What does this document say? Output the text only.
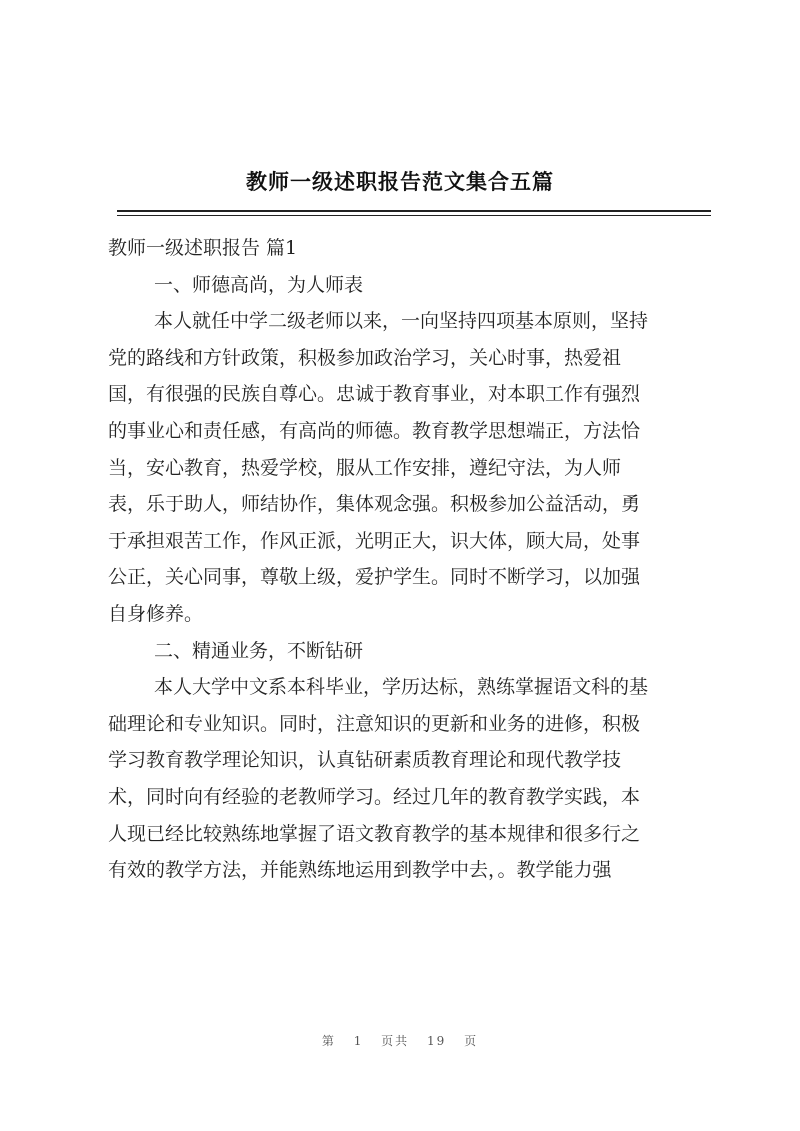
教师一级述职报告范文集合五篇
教师一级述职报告 篇1
一、师德高尚，为人师表
本人就任中学二级老师以来，一向坚持四项基本原则，坚持
党的路线和方针政策，积极参加政治学习，关心时事，热爱祖
国，有很强的民族自尊心。忠诚于教育事业，对本职工作有强烈
的事业心和责任感，有高尚的师德。教育教学思想端正，方法恰
当，安心教育，热爱学校，服从工作安排，遵纪守法，为人师
表，乐于助人，师结协作，集体观念强。积极参加公益活动，勇
于承担艰苦工作，作风正派，光明正大，识大体，顾大局，处事
公正，关心同事，尊敬上级，爱护学生。同时不断学习，以加强
自身修养。
二、精通业务，不断钻研
本人大学中文系本科毕业，学历达标，熟练掌握语文科的基
础理论和专业知识。同时，注意知识的更新和业务的进修，积极
学习教育教学理论知识，认真钻研素质教育理论和现代教学技
术，同时向有经验的老教师学习。经过几年的教育教学实践，本
人现已经比较熟练地掌握了语文教育教学的基本规律和很多行之
有效的教学方法，并能熟练地运用到教学中去，。教学能力强
第 1 页共 19 页
